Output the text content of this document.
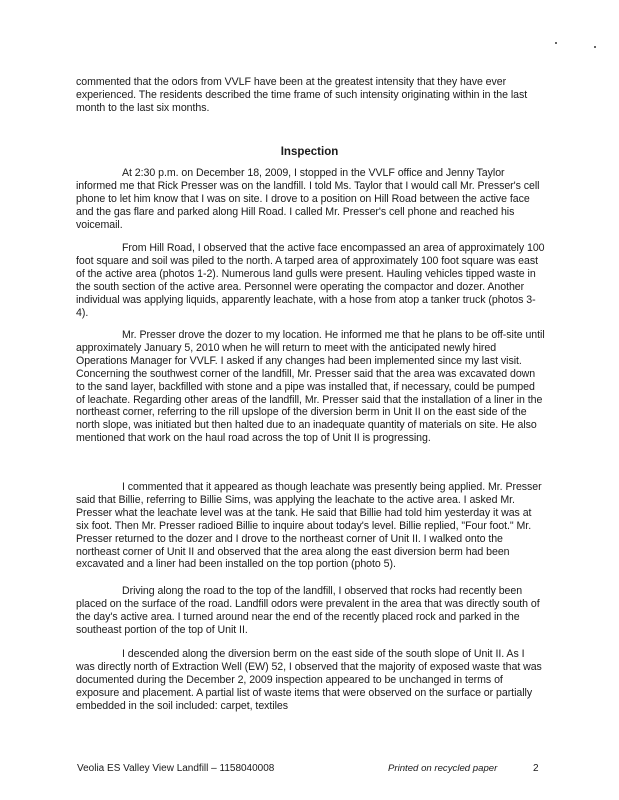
commented that the odors from VVLF have been at the greatest intensity that they have ever experienced. The residents described the time frame of such intensity originating within in the last month to the last six months.

Inspection

At 2:30 p.m. on December 18, 2009, I stopped in the VVLF office and Jenny Taylor informed me that Rick Presser was on the landfill. I told Ms. Taylor that I would call Mr. Presser's cell phone to let him know that I was on site. I drove to a position on Hill Road between the active face and the gas flare and parked along Hill Road. I called Mr. Presser's cell phone and reached his voicemail.

From Hill Road, I observed that the active face encompassed an area of approximately 100 foot square and soil was piled to the north. A tarped area of approximately 100 foot square was east of the active area (photos 1-2). Numerous land gulls were present. Hauling vehicles tipped waste in the south section of the active area. Personnel were operating the compactor and dozer. Another individual was applying liquids, apparently leachate, with a hose from atop a tanker truck (photos 3-4).

Mr. Presser drove the dozer to my location. He informed me that he plans to be off-site until approximately January 5, 2010 when he will return to meet with the anticipated newly hired Operations Manager for VVLF. I asked if any changes had been implemented since my last visit. Concerning the southwest corner of the landfill, Mr. Presser said that the area was excavated down to the sand layer, backfilled with stone and a pipe was installed that, if necessary, could be pumped of leachate. Regarding other areas of the landfill, Mr. Presser said that the installation of a liner in the northeast corner, referring to the rill upslope of the diversion berm in Unit II on the east side of the north slope, was initiated but then halted due to an inadequate quantity of materials on site. He also mentioned that work on the haul road across the top of Unit II is progressing.

I commented that it appeared as though leachate was presently being applied. Mr. Presser said that Billie, referring to Billie Sims, was applying the leachate to the active area. I asked Mr. Presser what the leachate level was at the tank. He said that Billie had told him yesterday it was at six foot. Then Mr. Presser radioed Billie to inquire about today's level. Billie replied, "Four foot." Mr. Presser returned to the dozer and I drove to the northeast corner of Unit II. I walked onto the northeast corner of Unit II and observed that the area along the east diversion berm had been excavated and a liner had been installed on the top portion (photo 5).

Driving along the road to the top of the landfill, I observed that rocks had recently been placed on the surface of the road. Landfill odors were prevalent in the area that was directly south of the day's active area. I turned around near the end of the recently placed rock and parked in the southeast portion of the top of Unit II.

I descended along the diversion berm on the east side of the south slope of Unit II. As I was directly north of Extraction Well (EW) 52, I observed that the majority of exposed waste that was documented during the December 2, 2009 inspection appeared to be unchanged in terms of exposure and placement. A partial list of waste items that were observed on the surface or partially embedded in the soil included: carpet, textiles

Veolia ES Valley View Landfill – 1158040008	Printed on recycled paper	2
